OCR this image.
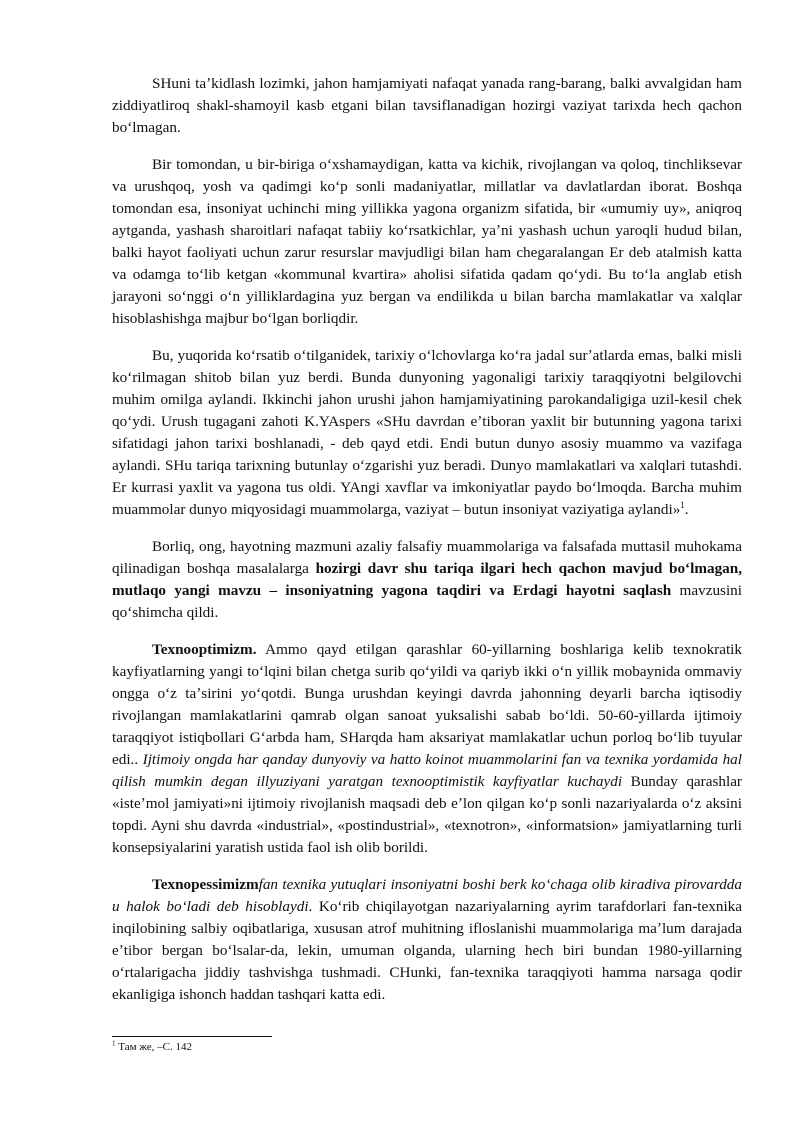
SHuni taʼkidlash lozimki, jahon hamjamiyati nafaqat yanada rang-barang, balki avvalgidan ham ziddiyatliroq shakl-shamoyil kasb etgani bilan tavsiflanadigan hozirgi vaziyat tarixda hech qachon boʻlmagan.

Bir tomondan, u bir-biriga oʻxshamaydigan, katta va kichik, rivojlangan va qoloq, tinchliksevar va urushqoq, yosh va qadimgi koʻp sonli madaniyatlar, millatlar va davlatlardan iborat. Boshqa tomondan esa, insoniyat uchinchi ming yillikka yagona organizm sifatida, bir «umumiy uy», aniqroq aytganda, yashash sharoitlari nafaqat tabiiy koʻrsatkichlar, yaʼni yashash uchun yaroqli hudud bilan, balki hayot faoliyati uchun zarur resurslar mavjudligi bilan ham chegaralangan Er deb atalmish katta va odamga toʻlib ketgan «kommunal kvartira» aholisi sifatida qadam qoʻydi. Bu toʻla anglab etish jarayoni soʻnggi oʻn yilliklardagina yuz bergan va endilikda u bilan barcha mamlakatlar va xalqlar hisoblashishga majbur boʻlgan borliqdir.

Bu, yuqorida koʻrsatib oʻtilganidek, tarixiy oʻlchovlarga koʻra jadal surʼatlarda emas, balki misli koʻrilmagan shitob bilan yuz berdi. Bunda dunyoning yagonaligi tarixiy taraqqiyotni belgilovchi muhim omilga aylandi. Ikkinchi jahon urushi jahon hamjamiyatining parokandaligiga uzil-kesil chek qoʻydi. Urush tugagani zahoti K.YAspers «SHu davrdan eʼtiboran yaxlit bir butunning yagona tarixi sifatidagi jahon tarixi boshlanadi, - deb qayd etdi. Endi butun dunyo asosiy muammo va vazifaga aylandi. SHu tariqa tarixning butunlay oʻzgarishi yuz beradi. Dunyo mamlakatlari va xalqlari tutashdi. Er kurrasi yaxlit va yagona tus oldi. YAngi xavflar va imkoniyatlar paydo boʻlmoqda. Barcha muhim muammolar dunyo miqyosidagi muammolarga, vaziyat – butun insoniyat vaziyatiga aylandi»$^1$.

Borliq, ong, hayotning mazmuni azaliy falsafiy muammolariga va falsafada muttasil muhokama qilinadigan boshqa masalalarga hozirgi davr shu tariqa ilgari hech qachon mavjud boʻlmagan, mutlaqo yangi mavzu – insoniyatning yagona taqdiri va Erdagi hayotni saqlash mavzusini qoʻshimcha qildi.

Texnooptimizm. Ammo qayd etilgan qarashlar 60-yillarning boshlariga kelib texnokratik kayfiyatlarning yangi toʻlqini bilan chetga surib qoʻyildi va qariyb ikki oʻn yillik mobaynida ommaviy ongga oʻz taʼsirini yoʻqotdi. Bunga urushdan keyingi davrda jahonning deyarli barcha iqtisodiy rivojlangan mamlakatlarini qamrab olgan sanoat yuksalishi sabab boʻldi. 50-60-yillarda ijtimoiy taraqqiyot istiqbollari Gʻarbda ham, SHarqda ham aksariyat mamlakatlar uchun porloq boʻlib tuyular edi.. Ijtimoiy ongda har qanday dunyoviy va hatto koinot muammolarini fan va texnika yordamida hal qilish mumkin degan illyuziyani yaratgan texnooptimistik kayfiyatlar kuchaydi Bunday qarashlar «isteʼmol jamiyati»ni ijtimoiy rivojlanish maqsadi deb eʼlon qilgan koʻp sonli nazariyalarda oʻz aksini topdi. Ayni shu davrda «industrial», «postindustrial», «texnotron», «informatsion» jamiyatlarning turli konsepsiyalarini yaratish ustida faol ish olib borildi.

Texnopessimizmfan texnika yutuqlari insoniyatni boshi berk koʻchaga olib kiradiva pirovardda u halok boʻladi deb hisoblaydi. Koʻrib chiqilayotgan nazariyalarning ayrim tarafdorlari fan-texnika inqilobining salbiy oqibatlariga, xususan atrof muhitning ifloslanishi muammolariga maʼlum darajada eʼtibor bergan boʻlsalar-da, lekin, umuman olganda, ularning hech biri bundan 1980-yillarning oʻrtalarigacha jiddiy tashvishga tushmadi. CHunki, fan-texnika taraqqiyoti hamma narsaga qodir ekanligiga ishonch haddan tashqari katta edi.

$^1$ Там же, –С. 142
